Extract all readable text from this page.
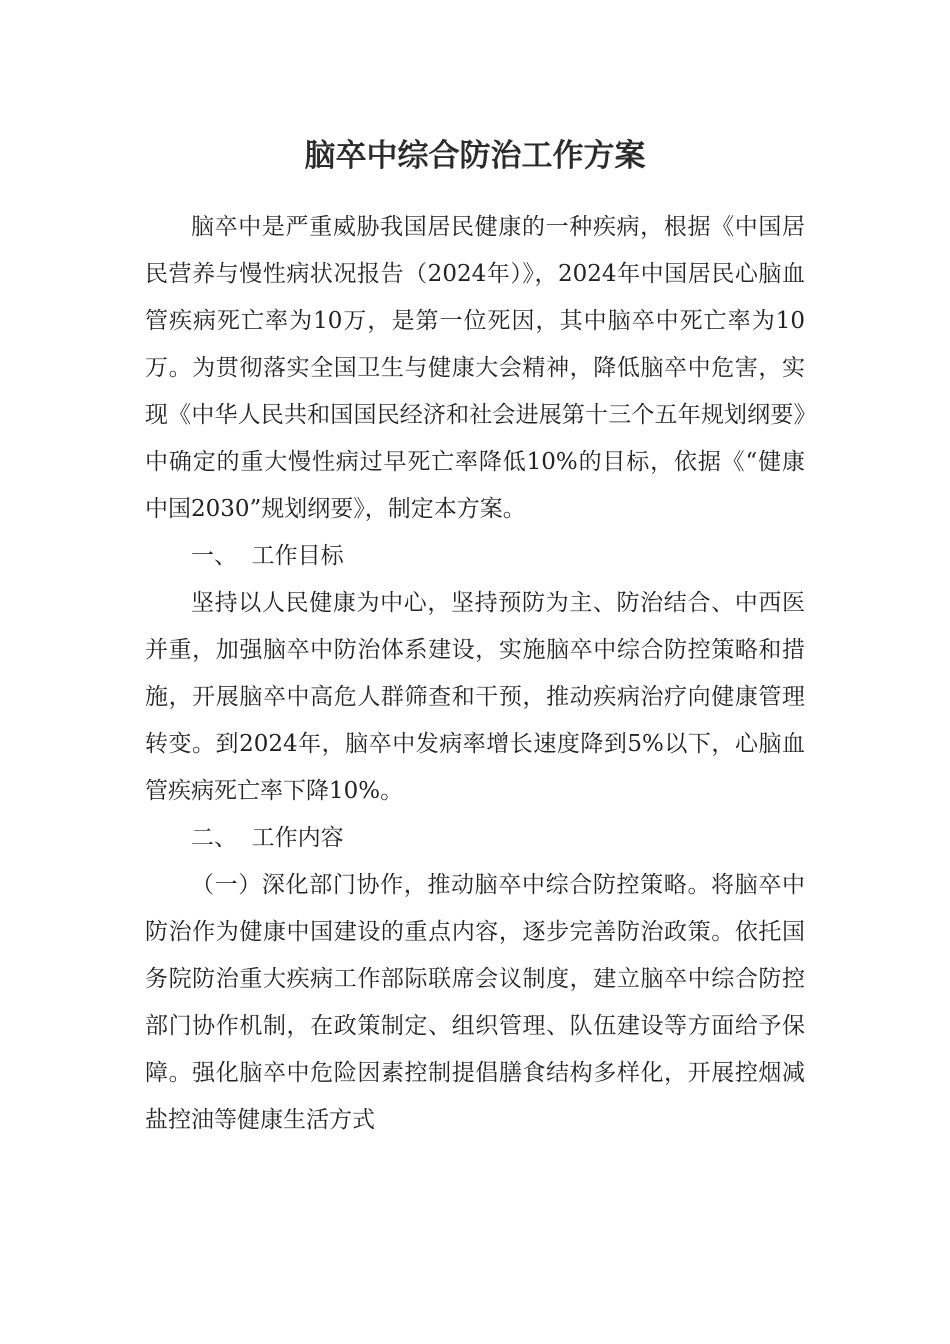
脑卒中综合防治工作方案

脑卒中是严重威胁我国居民健康的一种疾病，根据《中国居民营养与慢性病状况报告（2024年）》，2024年中国居民心脑血管疾病死亡率为10万，是第一位死因，其中脑卒中死亡率为10万。为贯彻落实全国卫生与健康大会精神，降低脑卒中危害，实现《中华人民共和国国民经济和社会进展第十三个五年规划纲要》中确定的重大慢性病过早死亡率降低10%的目标，依据《“健康中国2030”规划纲要》，制定本方案。

一、  工作目标

坚持以人民健康为中心，坚持预防为主、防治结合、中西医并重，加强脑卒中防治体系建设，实施脑卒中综合防控策略和措施，开展脑卒中高危人群筛查和干预，推动疾病治疗向健康管理转变。到2024年，脑卒中发病率增长速度降到5%以下，心脑血管疾病死亡率下降10%。

二、  工作内容

（一）深化部门协作，推动脑卒中综合防控策略。将脑卒中防治作为健康中国建设的重点内容，逐步完善防治政策。依托国务院防治重大疾病工作部际联席会议制度，建立脑卒中综合防控部门协作机制，在政策制定、组织管理、队伍建设等方面给予保障。强化脑卒中危险因素控制提倡膳食结构多样化，开展控烟减盐控油等健康生活方式
